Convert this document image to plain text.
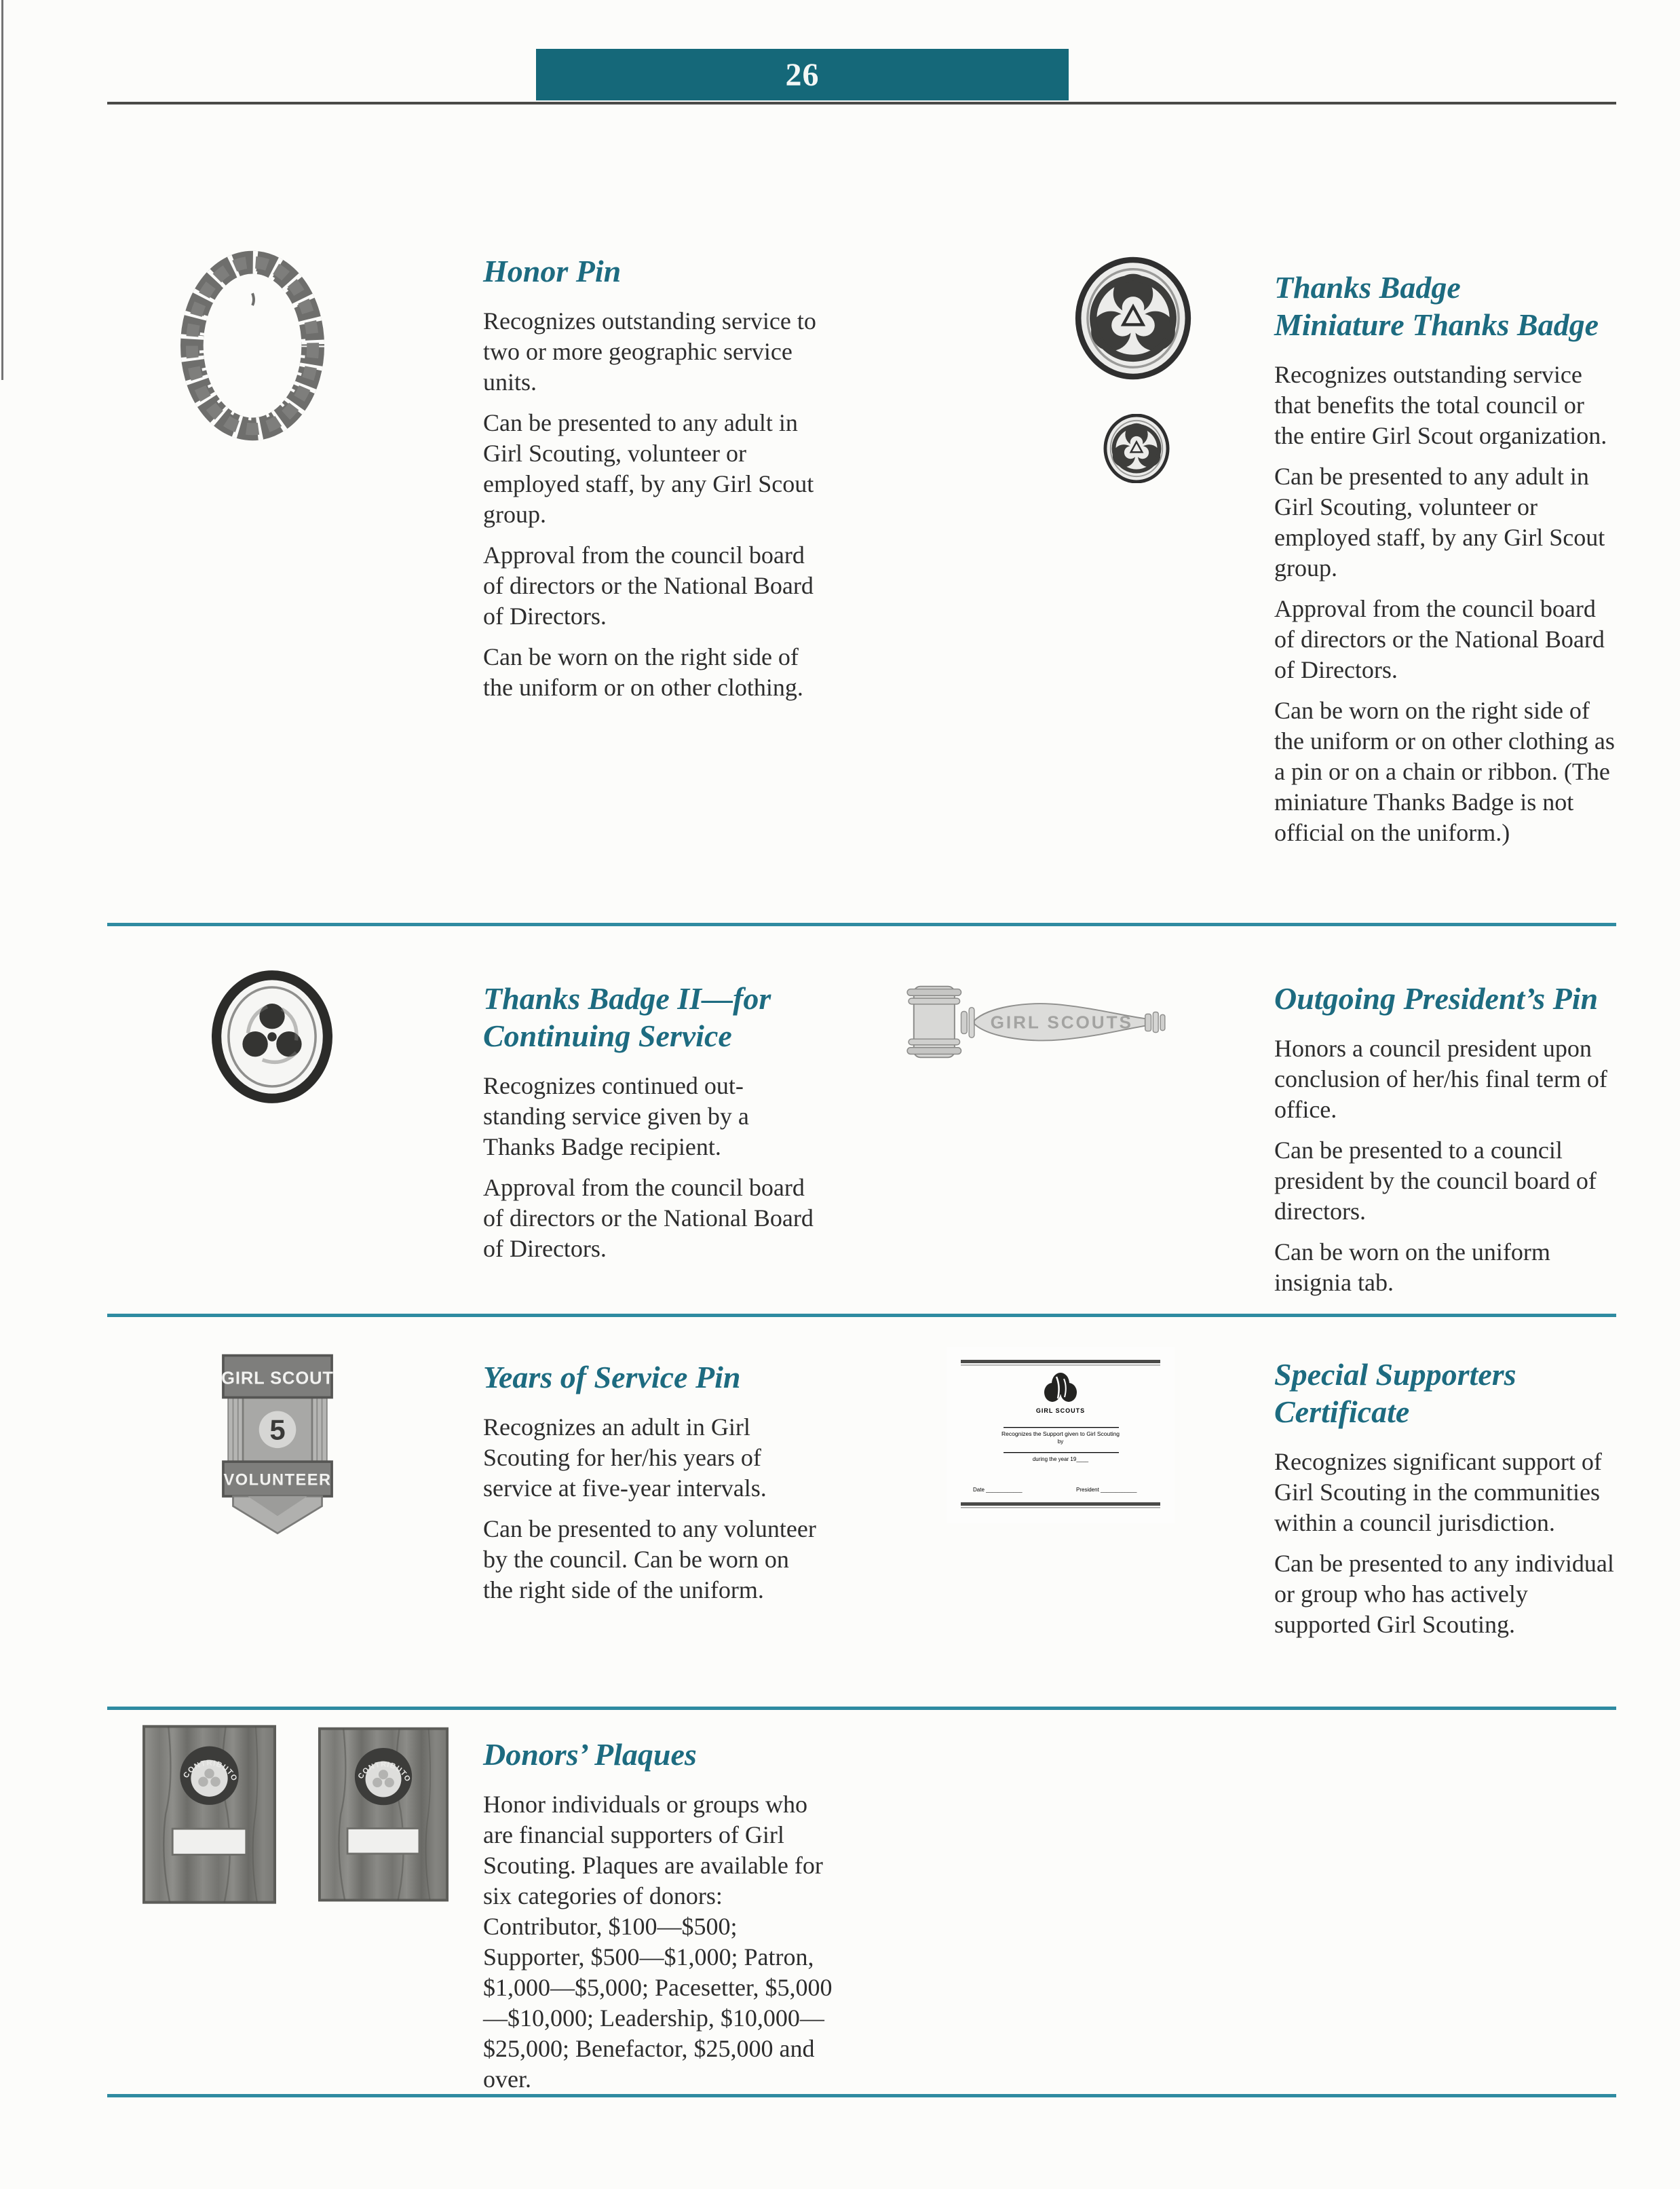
26
Honor Pin

Recognizes outstanding service to two or more geographic service units.

Can be presented to any adult in Girl Scouting, volunteer or employed staff, by any Girl Scout group.

Approval from the council board of directors or the National Board of Directors.

Can be worn on the right side of the uniform or on other clothing.

Thanks Badge
Miniature Thanks Badge

Recognizes outstanding service that benefits the total council or the entire Girl Scout organization.

Can be presented to any adult in Girl Scouting, volunteer or employed staff, by any Girl Scout group.

Approval from the council board of directors or the National Board of Directors.

Can be worn on the right side of the uniform or on other clothing as a pin or on a chain or ribbon. (The miniature Thanks Badge is not official on the uniform.)

Thanks Badge II—for
Continuing Service

Recognizes continued out-standing service given by a Thanks Badge recipient.

Approval from the council board of directors or the National Board of Directors.

GIRL SCOUTS
Outgoing President’s Pin

Honors a council president upon conclusion of her/his final term of office.

Can be presented to a council president by the council board of directors.

Can be worn on the uniform insignia tab.

GIRL SCOUT
5
VOLUNTEER
Years of Service Pin

Recognizes an adult in Girl Scouting for her/his years of service at five-year intervals.

Can be presented to any volunteer by the council. Can be worn on the right side of the uniform.

GIRL SCOUTS
Recognizes the Support given to Girl Scouting
by
during the year 19____
Date ____________	President ____________
Special Supporters
Certificate

Recognizes significant support of Girl Scouting in the communities within a council jurisdiction.

Can be presented to any individual or group who has actively supported Girl Scouting.

Donors’ Plaques

Honor individuals or groups who are financial supporters of Girl Scouting. Plaques are available for six categories of donors: Contributor, $100—$500; Supporter, $500—$1,000; Patron, $1,000—$5,000; Pacesetter, $5,000—$10,000; Leadership, $10,000—$25,000; Benefactor, $25,000 and over.
